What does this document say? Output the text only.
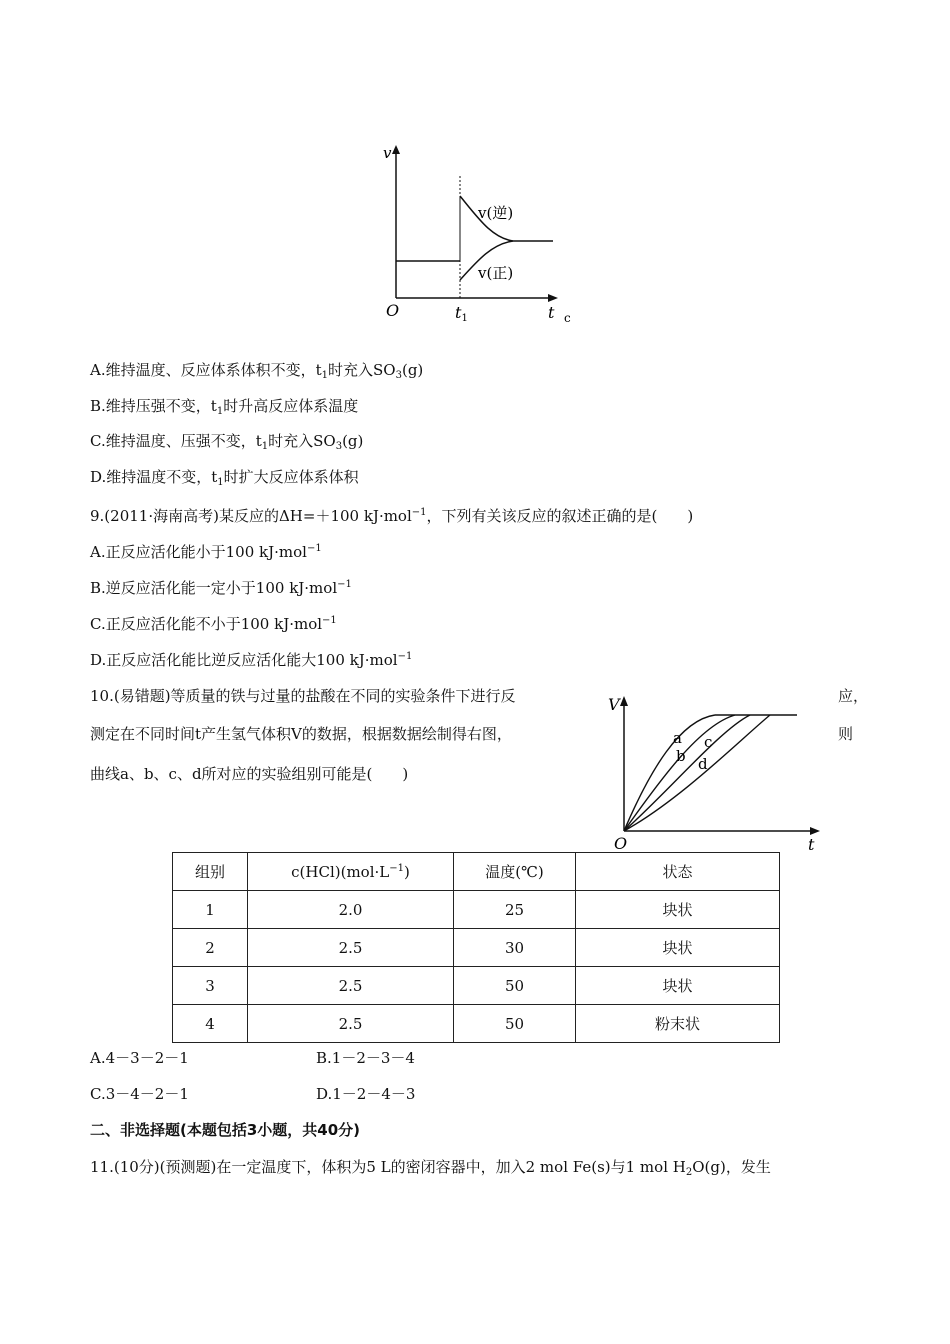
v
O	t c
t1
v(逆)
v(正)
A.维持温度、反应体系体积不变，$t_1$时充入$SO_3(g)$
B.维持压强不变，$t_1$时升高反应体系温度
C.维持温度、压强不变，$t_1$时充入$SO_3(g)$
D.维持温度不变，$t_1$时扩大反应体系体积
9.(2011·海南高考)某反应的ΔH=＋100 kJ·mol$^{-1}$，下列有关该反应的叙述正确的是(　　)
A.正反应活化能小于100 kJ·mol$^{-1}$
B.逆反应活化能一定小于100 kJ·mol$^{-1}$
C.正反应活化能不小于100 kJ·mol$^{-1}$
D.正反应活化能比逆反应活化能大100 kJ·mol$^{-1}$
10.(易错题)等质量的铁与过量的盐酸在不同的实验条件下进行反	应，
测定在不同时间t产生氢气体积V的数据，根据数据绘制得右图，	则
曲线a、b、c、d所对应的实验组别可能是(　　)
V
O	t
a
b
c
d
组别	$c(HCl)(mol\cdot L^{-1})$	温度(℃)	状态
1	2.0	25	块状
2	2.5	30	块状
3	2.5	50	块状
4	2.5	50	粉末状
A.4－3－2－1	B.1－2－3－4
C.3－4－2－1	D.1－2－4－3
二、非选择题(本题包括3小题，共40分)
11.(10分)(预测题)在一定温度下，体积为5 L的密闭容器中，加入2 mol Fe(s)与1 mol $H_2O(g)$，发生
